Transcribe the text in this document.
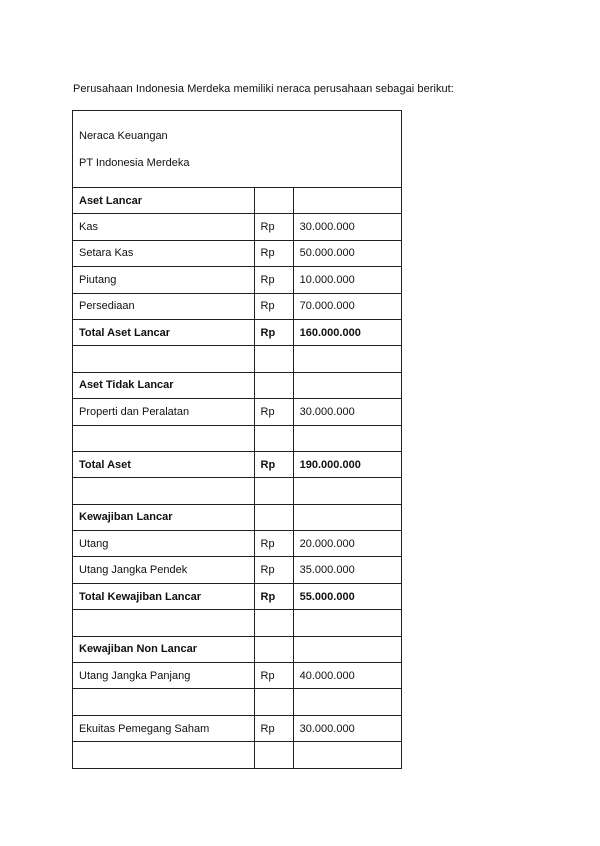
Perusahaan Indonesia Merdeka memiliki neraca perusahaan sebagai berikut:
Neraca Keuangan
PT Indonesia Merdeka		

Aset Lancar		
Kas	Rp	30.000.000
Setara Kas	Rp	50.000.000
Piutang	Rp	10.000.000
Persediaan	Rp	70.000.000
Total Aset Lancar	Rp	160.000.000

Aset Tidak Lancar		
Properti dan Peralatan	Rp	30.000.000

Total Aset	Rp	190.000.000

Kewajiban Lancar		
Utang	Rp	20.000.000
Utang Jangka Pendek	Rp	35.000.000
Total Kewajiban Lancar	Rp	55.000.000

Kewajiban Non Lancar		
Utang Jangka Panjang	Rp	40.000.000

Ekuitas Pemegang Saham	Rp	30.000.000
